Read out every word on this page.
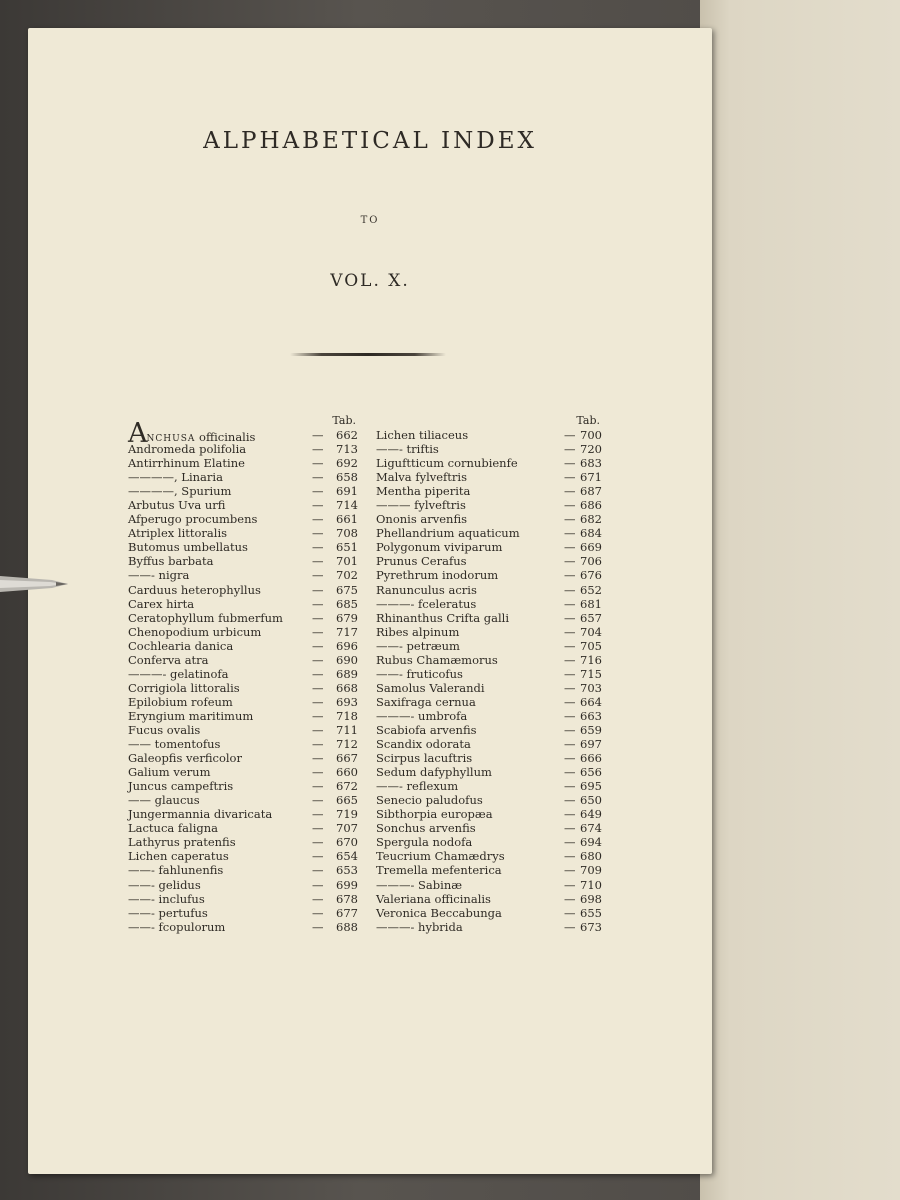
ALPHABETICAL INDEX
TO
VOL. X.
Tab.
ANCHUSA officinalis	— 662
Andromeda polifolia	— 713
Antirrhinum Elatine	— 692
————, Linaria	— 658
————, Spurium	— 691
Arbutus Uva urfi	— 714
Afperugo procumbens	— 661
Atriplex littoralis	— 708
Butomus umbellatus	— 651
Byffus barbata	— 701
——- nigra	— 702
Carduus heterophyllus	— 675
Carex hirta	— 685
Ceratophyllum fubmerfum	— 679
Chenopodium urbicum	— 717
Cochlearia danica	— 696
Conferva atra	— 690
———- gelatinofa	— 689
Corrigiola littoralis	— 668
Epilobium rofeum	— 693
Eryngium maritimum	— 718
Fucus ovalis	— 711
—— tomentofus	— 712
Galeopfis verficolor	— 667
Galium verum	— 660
Juncus campeftris	— 672
—— glaucus	— 665
Jungermannia divaricata	— 719
Lactuca faligna	— 707
Lathyrus pratenfis	— 670
Lichen caperatus	— 654
——- fahlunenfis	— 653
——- gelidus	— 699
——- inclufus	— 678
——- pertufus	— 677
——- fcopulorum	— 688
Tab.
Lichen tiliaceus	— 700
——- triftis	— 720
Liguftticum cornubienfe	— 683
Malva fylveftris	— 671
Mentha piperita	— 687
——— fylveftris	— 686
Ononis arvenfis	— 682
Phellandrium aquaticum	— 684
Polygonum viviparum	— 669
Prunus Cerafus	— 706
Pyrethrum inodorum	— 676
Ranunculus acris	— 652
———- fceleratus	— 681
Rhinanthus Crifta galli	— 657
Ribes alpinum	— 704
——- petræum	— 705
Rubus Chamæmorus	— 716
——- fruticofus	— 715
Samolus Valerandi	— 703
Saxifraga cernua	— 664
———- umbrofa	— 663
Scabiofa arvenfis	— 659
Scandix odorata	— 697
Scirpus lacuftris	— 666
Sedum dafyphyllum	— 656
——- reflexum	— 695
Senecio paludofus	— 650
Sibthorpia europæa	— 649
Sonchus arvenfis	— 674
Spergula nodofa	— 694
Teucrium Chamædrys	— 680
Tremella mefenterica	— 709
———- Sabinæ	— 710
Valeriana officinalis	— 698
Veronica Beccabunga	— 655
———- hybrida	— 673
